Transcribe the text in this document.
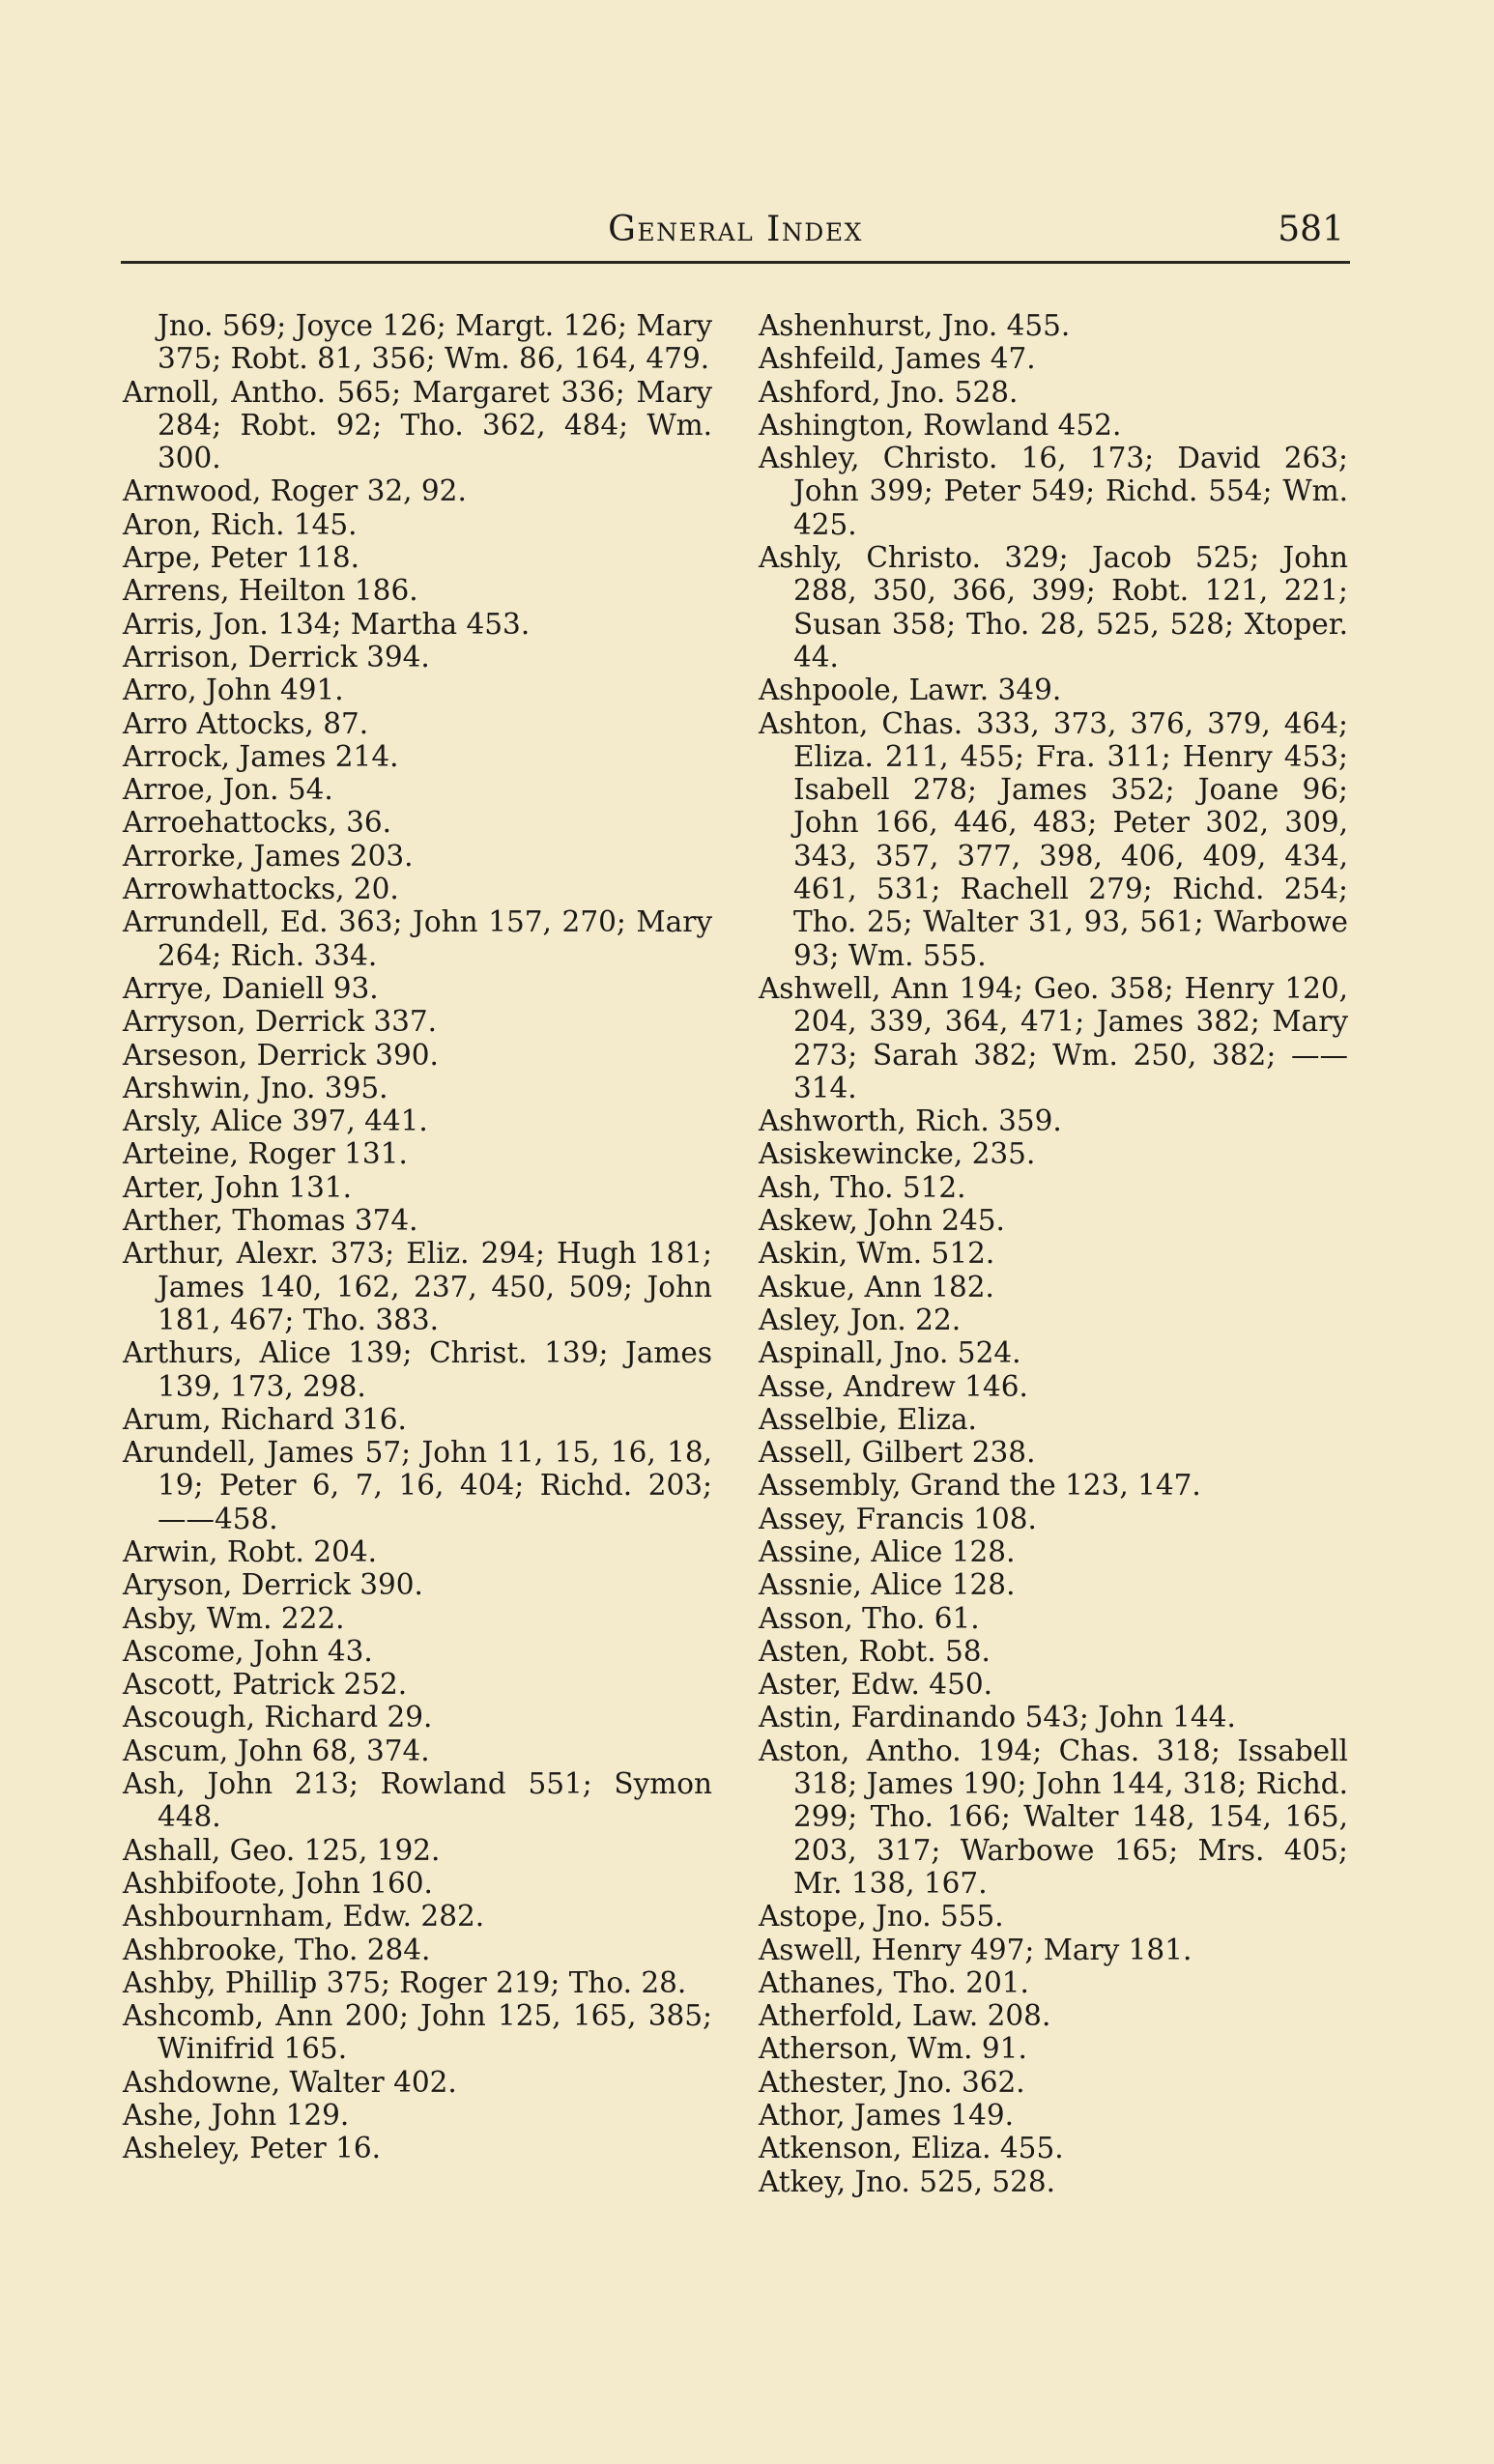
General Index	581

Jno. 569; Joyce 126; Margt. 126; Mary 375; Robt. 81, 356; Wm. 86, 164, 479.

Arnoll, Antho. 565; Margaret 336; Mary 284; Robt. 92; Tho. 362, 484; Wm. 300.

Arnwood, Roger 32, 92.

Aron, Rich. 145.

Arpe, Peter 118.

Arrens, Heilton 186.

Arris, Jon. 134; Martha 453.

Arrison, Derrick 394.

Arro, John 491.

Arro Attocks, 87.

Arrock, James 214.

Arroe, Jon. 54.

Arroehattocks, 36.

Arrorke, James 203.

Arrowhattocks, 20.

Arrundell, Ed. 363; John 157, 270; Mary 264; Rich. 334.

Arrye, Daniell 93.

Arryson, Derrick 337.

Arseson, Derrick 390.

Arshwin, Jno. 395.

Arsly, Alice 397, 441.

Arteine, Roger 131.

Arter, John 131.

Arther, Thomas 374.

Arthur, Alexr. 373; Eliz. 294; Hugh 181; James 140, 162, 237, 450, 509; John 181, 467; Tho. 383.

Arthurs, Alice 139; Christ. 139; James 139, 173, 298.

Arum, Richard 316.

Arundell, James 57; John 11, 15, 16, 18, 19; Peter 6, 7, 16, 404; Richd. 203; ——458.

Arwin, Robt. 204.

Aryson, Derrick 390.

Asby, Wm. 222.

Ascome, John 43.

Ascott, Patrick 252.

Ascough, Richard 29.

Ascum, John 68, 374.

Ash, John 213; Rowland 551; Symon 448.

Ashall, Geo. 125, 192.

Ashbifoote, John 160.

Ashbournham, Edw. 282.

Ashbrooke, Tho. 284.

Ashby, Phillip 375; Roger 219; Tho. 28.

Ashcomb, Ann 200; John 125, 165, 385; Winifrid 165.

Ashdowne, Walter 402.

Ashe, John 129.

Asheley, Peter 16.

Ashenhurst, Jno. 455.

Ashfeild, James 47.

Ashford, Jno. 528.

Ashington, Rowland 452.

Ashley, Christo. 16, 173; David 263; John 399; Peter 549; Richd. 554; Wm. 425.

Ashly, Christo. 329; Jacob 525; John 288, 350, 366, 399; Robt. 121, 221; Susan 358; Tho. 28, 525, 528; Xtoper. 44.

Ashpoole, Lawr. 349.

Ashton, Chas. 333, 373, 376, 379, 464; Eliza. 211, 455; Fra. 311; Henry 453; Isabell 278; James 352; Joane 96; John 166, 446, 483; Peter 302, 309, 343, 357, 377, 398, 406, 409, 434, 461, 531; Rachell 279; Richd. 254; Tho. 25; Walter 31, 93, 561; Warbowe 93; Wm. 555.

Ashwell, Ann 194; Geo. 358; Henry 120, 204, 339, 364, 471; James 382; Mary 273; Sarah 382; Wm. 250, 382; —— 314.

Ashworth, Rich. 359.

Asiskewincke, 235.

Ash, Tho. 512.

Askew, John 245.

Askin, Wm. 512.

Askue, Ann 182.

Asley, Jon. 22.

Aspinall, Jno. 524.

Asse, Andrew 146.

Asselbie, Eliza.

Assell, Gilbert 238.

Assembly, Grand the 123, 147.

Assey, Francis 108.

Assine, Alice 128.

Assnie, Alice 128.

Asson, Tho. 61.

Asten, Robt. 58.

Aster, Edw. 450.

Astin, Fardinando 543; John 144.

Aston, Antho. 194; Chas. 318; Issabell 318; James 190; John 144, 318; Richd. 299; Tho. 166; Walter 148, 154, 165, 203, 317; Warbowe 165; Mrs. 405; Mr. 138, 167.

Astope, Jno. 555.

Aswell, Henry 497; Mary 181.

Athanes, Tho. 201.

Atherfold, Law. 208.

Atherson, Wm. 91.

Athester, Jno. 362.

Athor, James 149.

Atkenson, Eliza. 455.

Atkey, Jno. 525, 528.
